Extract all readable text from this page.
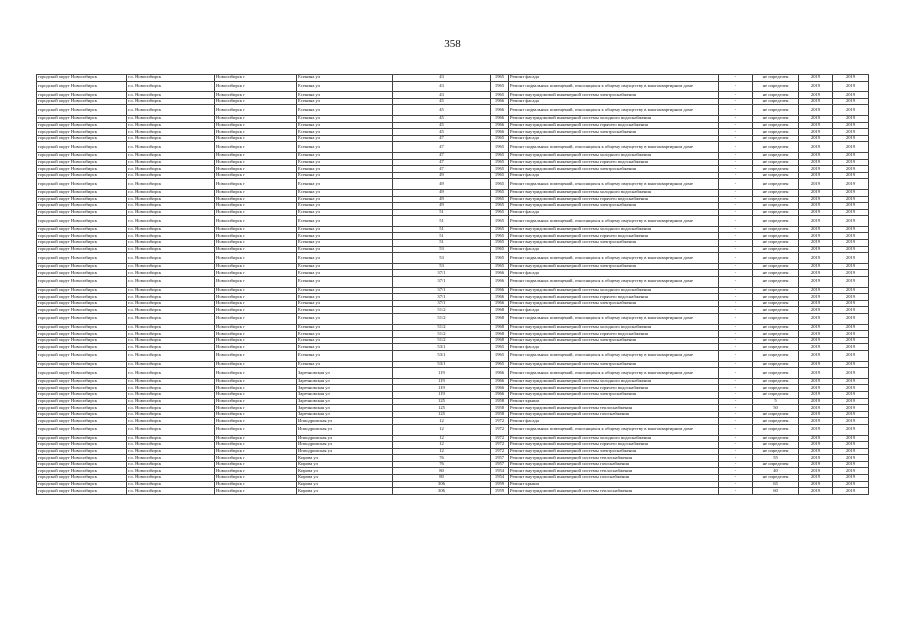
358
городской округ Новосибирск	г.о. Новосибирск	Новосибирск г	Есенина ул	43	1965	Ремонт фасада	-	не определен	2019	2019
городской округ Новосибирск	г.о. Новосибирск	Новосибирск г	Есенина ул	43	1965	Ремонт подвальных помещений, относящихся к общему имуществу в многоквартирном доме	-	не определен	2019	2019
городской округ Новосибирск	г.о. Новосибирск	Новосибирск г	Есенина ул	43	1965	Ремонт внутридомовой инженерной системы электроснабжения	-	не определен	2019	2019
городской округ Новосибирск	г.о. Новосибирск	Новосибирск г	Есенина ул	45	1966	Ремонт фасада	-	не определен	2019	2019
городской округ Новосибирск	г.о. Новосибирск	Новосибирск г	Есенина ул	45	1966	Ремонт подвальных помещений, относящихся к общему имуществу в многоквартирном доме	-	не определен	2019	2019
городской округ Новосибирск	г.о. Новосибирск	Новосибирск г	Есенина ул	45	1966	Ремонт внутридомовой инженерной системы холодного водоснабжения	-	не определен	2019	2019
городской округ Новосибирск	г.о. Новосибирск	Новосибирск г	Есенина ул	45	1966	Ремонт внутридомовой инженерной системы горячего водоснабжения	-	не определен	2019	2019
городской округ Новосибирск	г.о. Новосибирск	Новосибирск г	Есенина ул	45	1966	Ремонт внутридомовой инженерной системы электроснабжения	-	не определен	2019	2019
городской округ Новосибирск	г.о. Новосибирск	Новосибирск г	Есенина ул	47	1965	Ремонт фасада	-	не определен	2019	2019
городской округ Новосибирск	г.о. Новосибирск	Новосибирск г	Есенина ул	47	1965	Ремонт подвальных помещений, относящихся к общему имуществу в многоквартирном доме	-	не определен	2019	2019
городской округ Новосибирск	г.о. Новосибирск	Новосибирск г	Есенина ул	47	1965	Ремонт внутридомовой инженерной системы холодного водоснабжения	-	не определен	2019	2019
городской округ Новосибирск	г.о. Новосибирск	Новосибирск г	Есенина ул	47	1965	Ремонт внутридомовой инженерной системы горячего водоснабжения	-	не определен	2019	2019
городской округ Новосибирск	г.о. Новосибирск	Новосибирск г	Есенина ул	47	1965	Ремонт внутридомовой инженерной системы электроснабжения	-	не определен	2019	2019
городской округ Новосибирск	г.о. Новосибирск	Новосибирск г	Есенина ул	49	1965	Ремонт фасада	-	не определен	2019	2019
городской округ Новосибирск	г.о. Новосибирск	Новосибирск г	Есенина ул	49	1965	Ремонт подвальных помещений, относящихся к общему имуществу в многоквартирном доме	-	не определен	2019	2019
городской округ Новосибирск	г.о. Новосибирск	Новосибирск г	Есенина ул	49	1965	Ремонт внутридомовой инженерной системы холодного водоснабжения	-	не определен	2019	2019
городской округ Новосибирск	г.о. Новосибирск	Новосибирск г	Есенина ул	49	1965	Ремонт внутридомовой инженерной системы горячего водоснабжения	-	не определен	2019	2019
городской округ Новосибирск	г.о. Новосибирск	Новосибирск г	Есенина ул	49	1965	Ремонт внутридомовой инженерной системы электроснабжения	-	не определен	2019	2019
городской округ Новосибирск	г.о. Новосибирск	Новосибирск г	Есенина ул	51	1965	Ремонт фасада	-	не определен	2019	2019
городской округ Новосибирск	г.о. Новосибирск	Новосибирск г	Есенина ул	51	1965	Ремонт подвальных помещений, относящихся к общему имуществу в многоквартирном доме	-	не определен	2019	2019
городской округ Новосибирск	г.о. Новосибирск	Новосибирск г	Есенина ул	51	1965	Ремонт внутридомовой инженерной системы холодного водоснабжения	-	не определен	2019	2019
городской округ Новосибирск	г.о. Новосибирск	Новосибирск г	Есенина ул	51	1965	Ремонт внутридомовой инженерной системы горячего водоснабжения	-	не определен	2019	2019
городской округ Новосибирск	г.о. Новосибирск	Новосибирск г	Есенина ул	51	1965	Ремонт внутридомовой инженерной системы электроснабжения	-	не определен	2019	2019
городской округ Новосибирск	г.о. Новосибирск	Новосибирск г	Есенина ул	53	1965	Ремонт фасада	-	не определен	2019	2019
городской округ Новосибирск	г.о. Новосибирск	Новосибирск г	Есенина ул	53	1965	Ремонт подвальных помещений, относящихся к общему имуществу в многоквартирном доме	-	не определен	2019	2019
городской округ Новосибирск	г.о. Новосибирск	Новосибирск г	Есенина ул	53	1965	Ремонт внутридомовой инженерной системы электроснабжения	-	не определен	2019	2019
городской округ Новосибирск	г.о. Новосибирск	Новосибирск г	Есенина ул	37/1	1966	Ремонт фасада	-	не определен	2019	2019
городской округ Новосибирск	г.о. Новосибирск	Новосибирск г	Есенина ул	37/1	1966	Ремонт подвальных помещений, относящихся к общему имуществу в многоквартирном доме	-	не определен	2019	2019
городской округ Новосибирск	г.о. Новосибирск	Новосибирск г	Есенина ул	37/1	1966	Ремонт внутридомовой инженерной системы холодного водоснабжения	-	не определен	2019	2019
городской округ Новосибирск	г.о. Новосибирск	Новосибирск г	Есенина ул	37/1	1966	Ремонт внутридомовой инженерной системы горячего водоснабжения	-	не определен	2019	2019
городской округ Новосибирск	г.о. Новосибирск	Новосибирск г	Есенина ул	37/1	1966	Ремонт внутридомовой инженерной системы электроснабжения	-	не определен	2019	2019
городской округ Новосибирск	г.о. Новосибирск	Новосибирск г	Есенина ул	51/2	1968	Ремонт фасада	-	не определен	2019	2019
городской округ Новосибирск	г.о. Новосибирск	Новосибирск г	Есенина ул	51/2	1968	Ремонт подвальных помещений, относящихся к общему имуществу в многоквартирном доме	-	не определен	2019	2019
городской округ Новосибирск	г.о. Новосибирск	Новосибирск г	Есенина ул	51/2	1968	Ремонт внутридомовой инженерной системы холодного водоснабжения	-	не определен	2019	2019
городской округ Новосибирск	г.о. Новосибирск	Новосибирск г	Есенина ул	51/2	1968	Ремонт внутридомовой инженерной системы горячего водоснабжения	-	не определен	2019	2019
городской округ Новосибирск	г.о. Новосибирск	Новосибирск г	Есенина ул	51/2	1968	Ремонт внутридомовой инженерной системы электроснабжения	-	не определен	2019	2019
городской округ Новосибирск	г.о. Новосибирск	Новосибирск г	Есенина ул	53/1	1965	Ремонт фасада	-	не определен	2019	2019
городской округ Новосибирск	г.о. Новосибирск	Новосибирск г	Есенина ул	53/1	1965	Ремонт подвальных помещений, относящихся к общему имуществу в многоквартирном доме	-	не определен	2019	2019
городской округ Новосибирск	г.о. Новосибирск	Новосибирск г	Есенина ул	53/1	1965	Ремонт внутридомовой инженерной системы электроснабжения	-	не определен	2019	2019
городской округ Новосибирск	г.о. Новосибирск	Новосибирск г	Заречновская ул	119	1966	Ремонт подвальных помещений, относящихся к общему имуществу в многоквартирном доме	-	не определен	2019	2019
городской округ Новосибирск	г.о. Новосибирск	Новосибирск г	Заречновская ул	119	1966	Ремонт внутридомовой инженерной системы холодного водоснабжения	-	не определен	2019	2019
городской округ Новосибирск	г.о. Новосибирск	Новосибирск г	Заречновская ул	119	1966	Ремонт внутридомовой инженерной системы горячего водоснабжения	-	не определен	2019	2019
городской округ Новосибирск	г.о. Новосибирск	Новосибирск г	Заречновская ул	119	1966	Ремонт внутридомовой инженерной системы электроснабжения	-	не определен	2019	2019
городской округ Новосибирск	г.о. Новосибирск	Новосибирск г	Заречновская ул	125	1958	Ремонт крыши	-	5	2019	2019
городской округ Новосибирск	г.о. Новосибирск	Новосибирск г	Заречновская ул	125	1958	Ремонт внутридомовой инженерной системы теплоснабжения	-	50	2019	2019
городской округ Новосибирск	г.о. Новосибирск	Новосибирск г	Заречновская ул	125	1958	Ремонт внутридомовой инженерной системы газоснабжения	-	не определен	2019	2019
городской округ Новосибирск	г.о. Новосибирск	Новосибирск г	Ипподромская ул	12	1972	Ремонт фасада	-	не определен	2019	2019
городской округ Новосибирск	г.о. Новосибирск	Новосибирск г	Ипподромская ул	12	1972	Ремонт подвальных помещений, относящихся к общему имуществу в многоквартирном доме	-	не определен	2019	2019
городской округ Новосибирск	г.о. Новосибирск	Новосибирск г	Ипподромская ул	12	1972	Ремонт внутридомовой инженерной системы холодного водоснабжения	-	не определен	2019	2019
городской округ Новосибирск	г.о. Новосибирск	Новосибирск г	Ипподромская ул	12	1972	Ремонт внутридомовой инженерной системы горячего водоснабжения	-	не определен	2019	2019
городской округ Новосибирск	г.о. Новосибирск	Новосибирск г	Ипподромская ул	12	1972	Ремонт внутридомовой инженерной системы электроснабжения	-	не определен	2019	2019
городской округ Новосибирск	г.о. Новосибирск	Новосибирск г	Кирова ул	76	1957	Ремонт внутридомовой инженерной системы теплоснабжения	-	55	2019	2019
городской округ Новосибирск	г.о. Новосибирск	Новосибирск г	Кирова ул	76	1957	Ремонт внутридомовой инженерной системы газоснабжения	-	не определен	2019	2019
городской округ Новосибирск	г.о. Новосибирск	Новосибирск г	Кирова ул	80	1954	Ремонт внутридомовой инженерной системы теплоснабжения	-	40	2019	2019
городской округ Новосибирск	г.о. Новосибирск	Новосибирск г	Кирова ул	80	1954	Ремонт внутридомовой инженерной системы газоснабжения	-	не определен	2019	2019
городской округ Новосибирск	г.о. Новосибирск	Новосибирск г	Кирова ул	306	1959	Ремонт крыши	-	65	2019	2019
городской округ Новосибирск	г.о. Новосибирск	Новосибирск г	Кирова ул	306	1959	Ремонт внутридомовой инженерной системы теплоснабжения	-	60	2019	2019
